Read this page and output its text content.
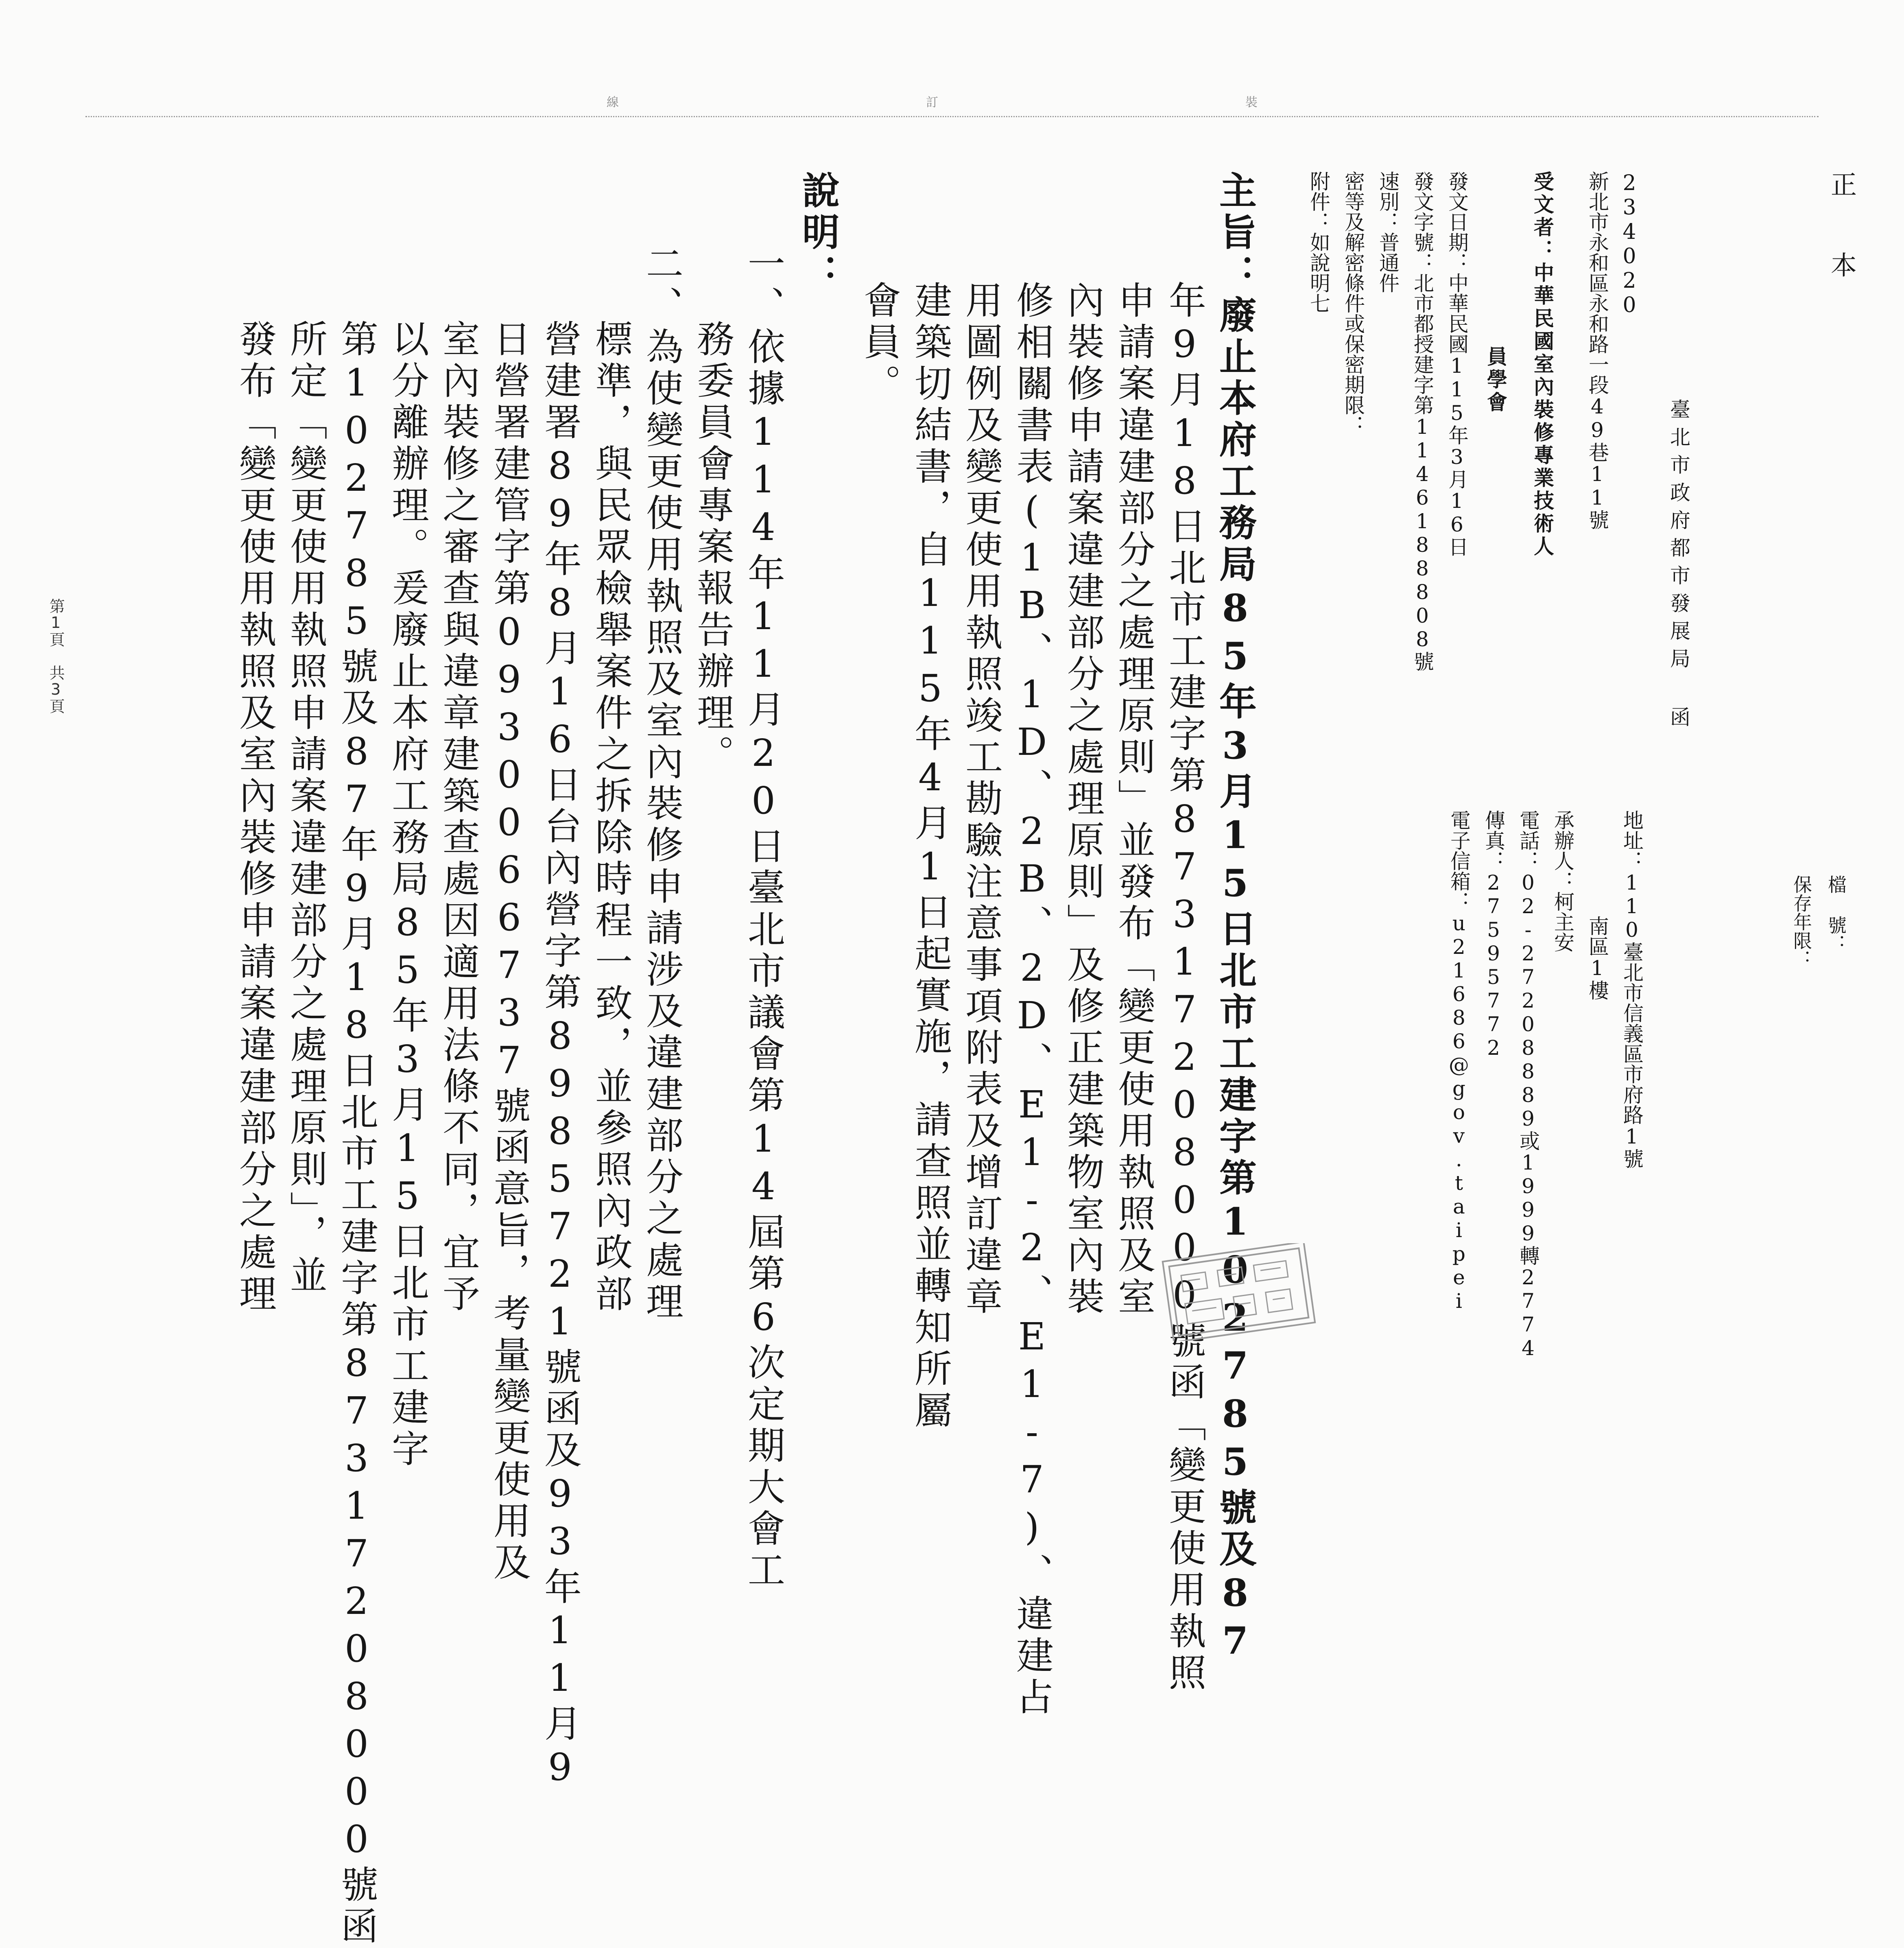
裝
訂
線
正 本
檔 號：
保存年限：
臺北市政府都市發展局 函
地址：110臺北市信義區市府路1號
南區1樓
承辦人：柯主安
電話：02-27208889或1999轉2774
傳真：27595772
電子信箱：u21686@gov.taipei
234020
新北市永和區永和路一段49巷11號
受文者：中華民國室內裝修專業技術人
員學會
發文日期：中華民國115年3月16日
發文字號：北市都授建字第1146188808號
速別：普通件
密等及解密條件或保密期限：
附件：如說明七
主旨：廢止本府工務局85年3月15日北市工建字第102785號及87
年9月18日北市工建字第87317208000號函「變更使用執照
申請案違建部分之處理原則」並發布「變更使用執照及室
內裝修申請案違建部分之處理原則」及修正建築物室內裝
修相關書表(1B、1D、2B、2D、E1-2、E1-7)、違建占
用圖例及變更使用執照竣工勘驗注意事項附表及增訂違章
建築切結書，自115年4月1日起實施，請查照並轉知所屬
會員。
說明：
一、依據114年11月20日臺北市議會第14屆第6次定期大會工
務委員會專案報告辦理。
二、為使變更使用執照及室內裝修申請涉及違建部分之處理
標準，與民眾檢舉案件之拆除時程一致，並參照內政部
營建署89年8月16日台內營字第8985721號函及93年11月9
日營署建管字第0930066737號函意旨，考量變更使用及
室內裝修之審查與違章建築查處因適用法條不同，宜予
以分離辦理。爰廢止本府工務局85年3月15日北市工建字
第102785號及87年9月18日北市工建字第87317208000號函
所定「變更使用執照申請案違建部分之處理原則」，並
發布「變更使用執照及室內裝修申請案違建部分之處理
第1頁 共3頁
